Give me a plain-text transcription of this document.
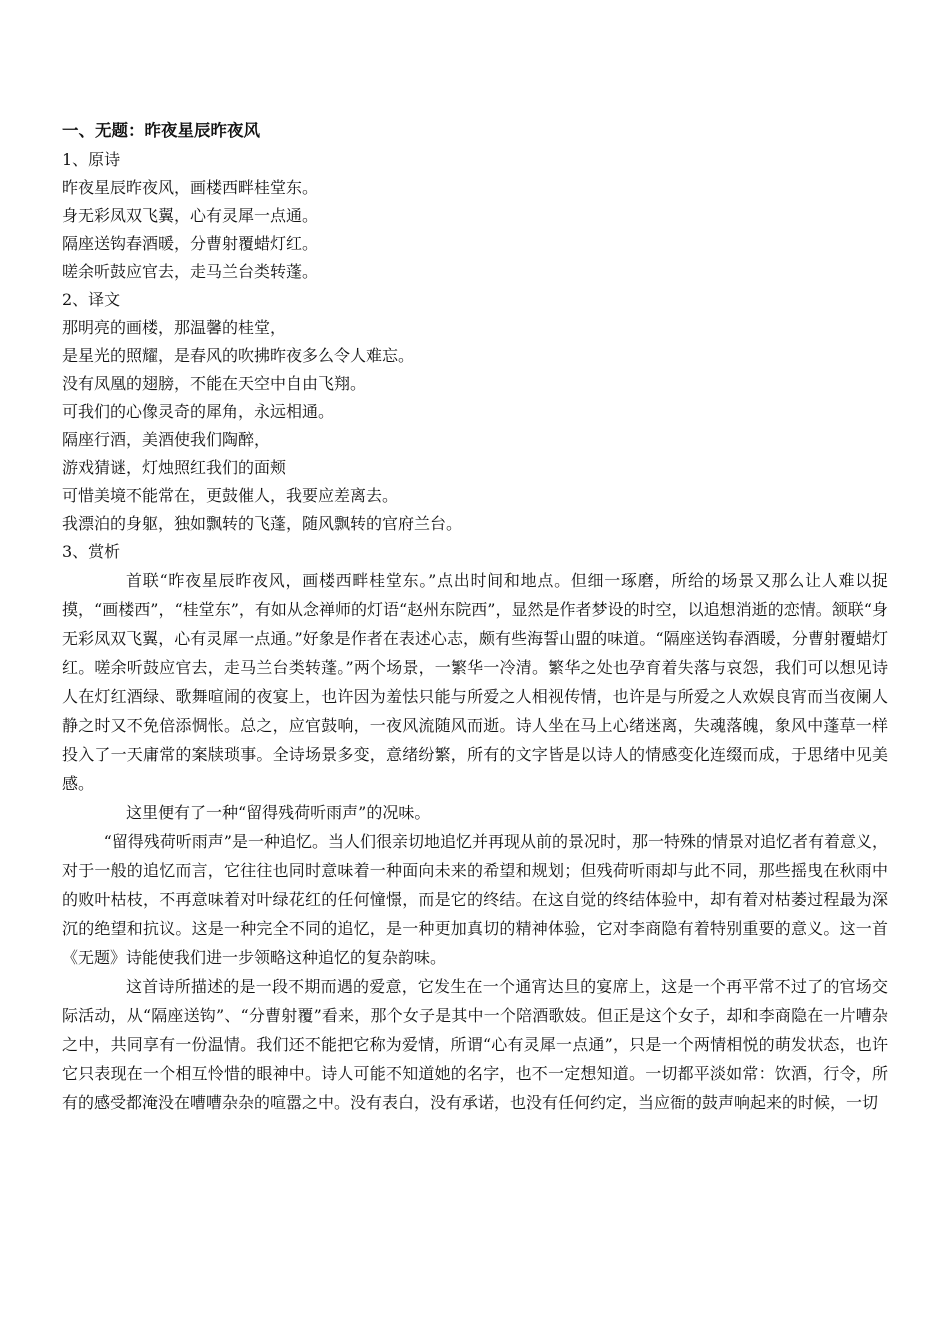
一、无题：昨夜星辰昨夜风
1、原诗
昨夜星辰昨夜风，画楼西畔桂堂东。
身无彩凤双飞翼，心有灵犀一点通。
隔座送钩春酒暖，分曹射覆蜡灯红。
嗟余听鼓应官去，走马兰台类转蓬。
2、译文
那明亮的画楼，那温馨的桂堂，
是星光的照耀，是春风的吹拂昨夜多么令人难忘。
没有凤凰的翅膀，不能在天空中自由飞翔。
可我们的心像灵奇的犀角，永远相通。
隔座行酒，美酒使我们陶醉，
游戏猜谜，灯烛照红我们的面颊
可惜美境不能常在，更鼓催人，我要应差离去。
我漂泊的身躯，独如飘转的飞蓬，随风飘转的官府兰台。
3、赏析

首联“昨夜星辰昨夜风，画楼西畔桂堂东。”点出时间和地点。但细一琢磨，所给的场景又那么让人难以捉摸，“画楼西”，“桂堂东”，有如从念禅师的灯语“赵州东院西”，显然是作者梦设的时空，以追想消逝的恋情。颔联“身无彩凤双飞翼，心有灵犀一点通。”好象是作者在表述心志，颇有些海誓山盟的味道。“隔座送钩春酒暖，分曹射覆蜡灯红。嗟余听鼓应官去，走马兰台类转蓬。”两个场景，一繁华一冷清。繁华之处也孕育着失落与哀怨，我们可以想见诗人在灯红酒绿、歌舞喧闹的夜宴上，也许因为羞怯只能与所爱之人相视传情，也许是与所爱之人欢娱良宵而当夜阑人静之时又不免倍添惆怅。总之，应官鼓响，一夜风流随风而逝。诗人坐在马上心绪迷离，失魂落魄，象风中蓬草一样投入了一天庸常的案牍琐事。全诗场景多变，意绪纷繁，所有的文字皆是以诗人的情感变化连缀而成，于思绪中见美感。

这里便有了一种“留得残荷听雨声”的况味。

“留得残荷听雨声”是一种追忆。当人们很亲切地追忆并再现从前的景况时，那一特殊的情景对追忆者有着意义，对于一般的追忆而言，它往往也同时意味着一种面向未来的希望和规划；但残荷听雨却与此不同，那些摇曳在秋雨中的败叶枯枝，不再意味着对叶绿花红的任何憧憬，而是它的终结。在这自觉的终结体验中，却有着对枯萎过程最为深沉的绝望和抗议。这是一种完全不同的追忆，是一种更加真切的精神体验，它对李商隐有着特别重要的意义。这一首《无题》诗能使我们进一步领略这种追忆的复杂韵味。

这首诗所描述的是一段不期而遇的爱意，它发生在一个通宵达旦的宴席上，这是一个再平常不过了的官场交际活动，从“隔座送钩”、“分曹射覆”看来，那个女子是其中一个陪酒歌妓。但正是这个女子，却和李商隐在一片嘈杂之中，共同享有一份温情。我们还不能把它称为爱情，所谓“心有灵犀一点通”，只是一个两情相悦的萌发状态，也许它只表现在一个相互怜惜的眼神中。诗人可能不知道她的名字，也不一定想知道。一切都平淡如常：饮酒，行令，所有的感受都淹没在嘈嘈杂杂的喧嚣之中。没有表白，没有承诺，也没有任何约定，当应衙的鼓声响起来的时候，一切
